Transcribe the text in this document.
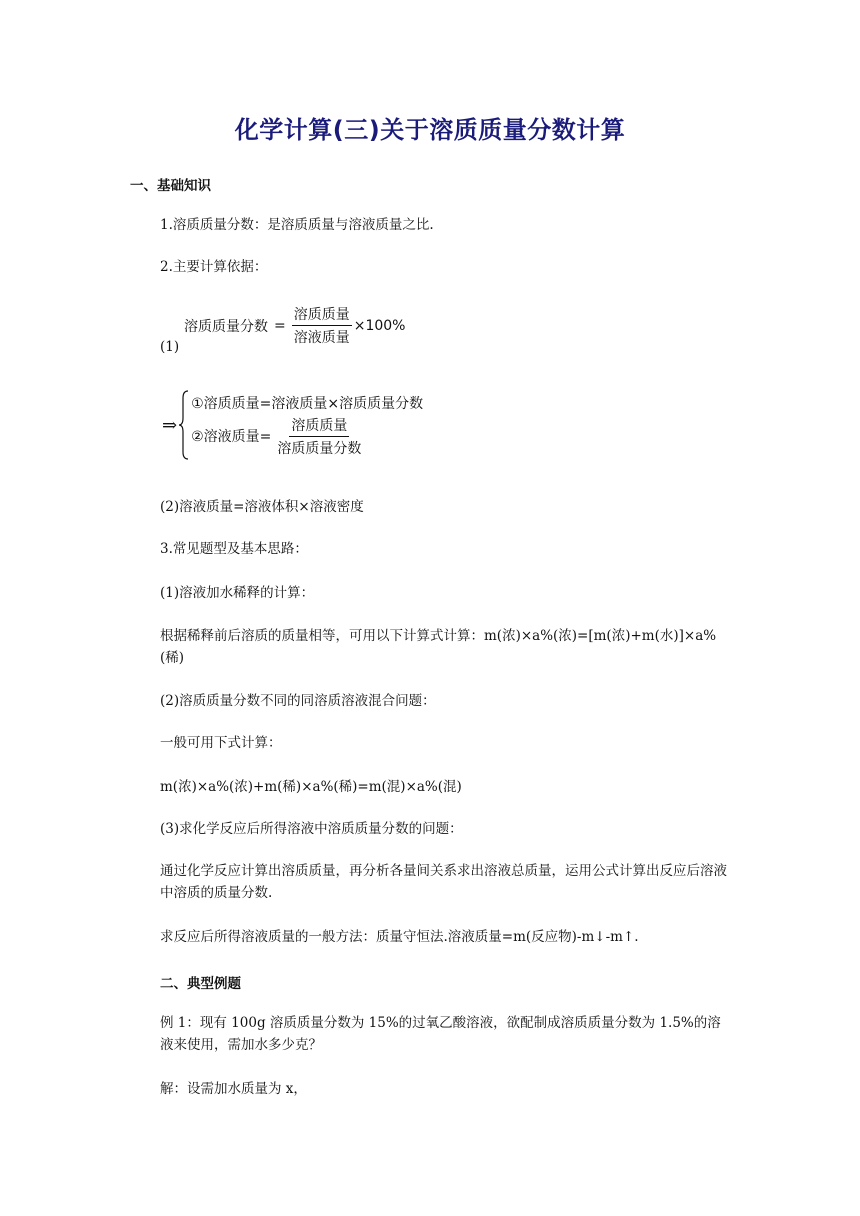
化学计算(三)关于溶质质量分数计算
一、基础知识
1.溶质质量分数：是溶质质量与溶液质量之比.
2.主要计算依据：
(1)
溶质质量分数 = $\frac{\text{溶质质量}}{\text{溶液质量}} \times 100\%$
⇒
①溶质质量=溶液质量×溶质质量分数
②溶液质量= $\frac{\text{溶质质量}}{\text{溶质质量分数}}$
(2)溶液质量=溶液体积×溶液密度
3.常见题型及基本思路：
(1)溶液加水稀释的计算：
根据稀释前后溶质的质量相等，可用以下计算式计算：m(浓)×a%(浓)=[m(浓)+m(水)]×a%(稀)
(2)溶质质量分数不同的同溶质溶液混合问题：
一般可用下式计算：
m(浓)×a%(浓)+m(稀)×a%(稀)=m(混)×a%(混)
(3)求化学反应后所得溶液中溶质质量分数的问题：
通过化学反应计算出溶质质量，再分析各量间关系求出溶液总质量，运用公式计算出反应后溶液中溶质的质量分数.
求反应后所得溶液质量的一般方法：质量守恒法.溶液质量=m(反应物)-m↓-m↑.
二、典型例题
例 1：现有 100g 溶质质量分数为 15%的过氧乙酸溶液，欲配制成溶质质量分数为 1.5%的溶液来使用，需加水多少克？
解：设需加水质量为 x，
